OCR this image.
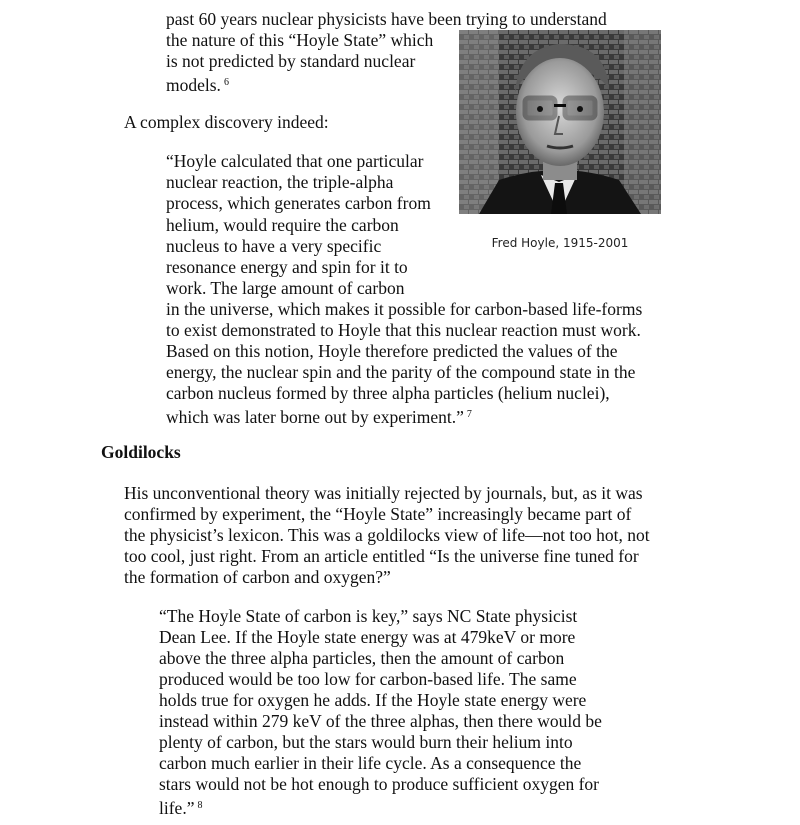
past 60 years nuclear physicists have been trying to understand

the nature of this “Hoyle State” which

is not predicted by standard nuclear

models. $^6$

A complex discovery indeed:

“Hoyle calculated that one particular

nuclear reaction, the triple-alpha

process, which generates carbon from

helium, would require the carbon

nucleus to have a very specific

resonance energy and spin for it to

work. The large amount of carbon

in the universe, which makes it possible for carbon-based life-forms

to exist demonstrated to Hoyle that this nuclear reaction must work.

Based on this notion, Hoyle therefore predicted the values of the

energy, the nuclear spin and the parity of the compound state in the

carbon nucleus formed by three alpha particles (helium nuclei),

which was later borne out by experiment.” $^7$

Fred Hoyle, 1915-2001
Goldilocks

His unconventional theory was initially rejected by journals, but, as it was

confirmed by experiment, the “Hoyle State” increasingly became part of

the physicist’s lexicon. This was a goldilocks view of life—not too hot, not

too cool, just right. From an article entitled “Is the universe fine tuned for

the formation of carbon and oxygen?”

“The Hoyle State of carbon is key,” says NC State physicist

Dean Lee. If the Hoyle state energy was at 479keV or more

above the three alpha particles, then the amount of carbon

produced would be too low for carbon-based life. The same

holds true for oxygen he adds. If the Hoyle state energy were

instead within 279 keV of the three alphas, then there would be

plenty of carbon, but the stars would burn their helium into

carbon much earlier in their life cycle. As a consequence the

stars would not be hot enough to produce sufficient oxygen for

life.” $^8$
